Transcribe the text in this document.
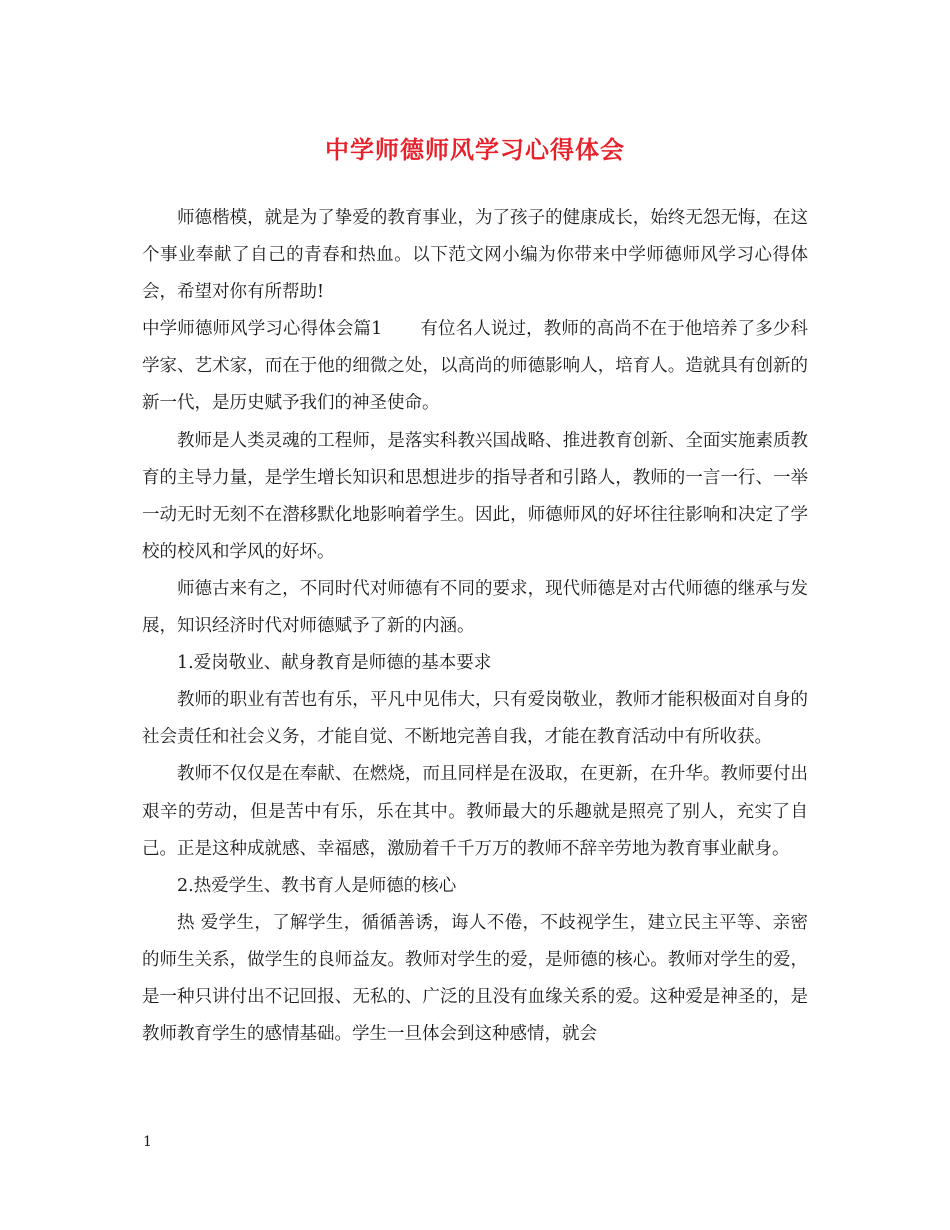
中学师德师风学习心得体会

师德楷模，就是为了挚爱的教育事业，为了孩子的健康成长，始终无怨无悔，在这个事业奉献了自己的青春和热血。以下范文网小编为你带来中学师德师风学习心得体会，希望对你有所帮助!

中学师德师风学习心得体会篇1 有位名人说过，教师的高尚不在于他培养了多少科学家、艺术家，而在于他的细微之处，以高尚的师德影响人，培育人。造就具有创新的新一代，是历史赋予我们的神圣使命。

教师是人类灵魂的工程师，是落实科教兴国战略、推进教育创新、全面实施素质教育的主导力量，是学生增长知识和思想进步的指导者和引路人，教师的一言一行、一举一动无时无刻不在潜移默化地影响着学生。因此，师德师风的好坏往往影响和决定了学校的校风和学风的好坏。

师德古来有之，不同时代对师德有不同的要求，现代师德是对古代师德的继承与发展，知识经济时代对师德赋予了新的内涵。

1.爱岗敬业、献身教育是师德的基本要求

教师的职业有苦也有乐，平凡中见伟大，只有爱岗敬业，教师才能积极面对自身的社会责任和社会义务，才能自觉、不断地完善自我，才能在教育活动中有所收获。

教师不仅仅是在奉献、在燃烧，而且同样是在汲取，在更新，在升华。教师要付出艰辛的劳动，但是苦中有乐，乐在其中。教师最大的乐趣就是照亮了别人，充实了自己。正是这种成就感、幸福感，激励着千千万万的教师不辞辛劳地为教育事业献身。

2.热爱学生、教书育人是师德的核心

热 爱学生，了解学生，循循善诱，诲人不倦，不歧视学生，建立民主平等、亲密的师生关系，做学生的良师益友。教师对学生的爱，是师德的核心。教师对学生的爱， 是一种只讲付出不记回报、无私的、广泛的且没有血缘关系的爱。这种爱是神圣的，是教师教育学生的感情基础。学生一旦体会到这种感情，就会

1
